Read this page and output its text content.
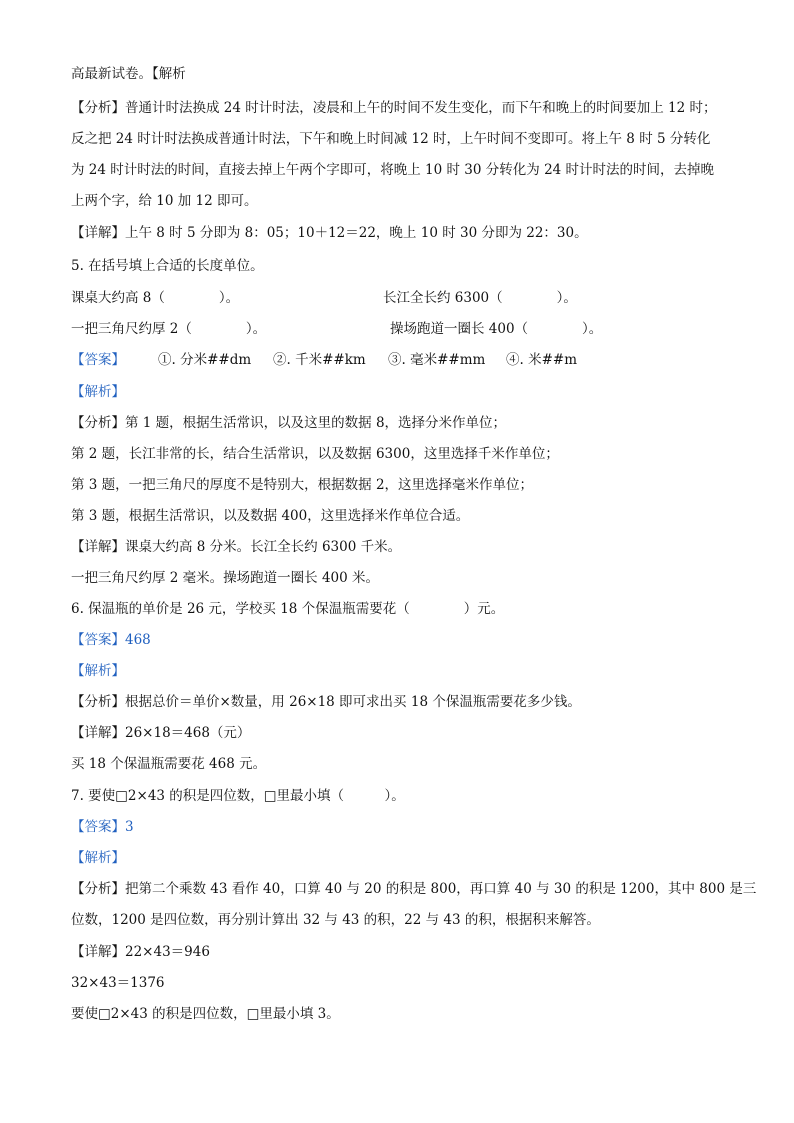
高最新试卷。【解析
【分析】普通计时法换成 24 时计时法，凌晨和上午的时间不发生变化，而下午和晚上的时间要加上 12 时；
反之把 24 时计时法换成普通计时法，下午和晚上时间减 12 时，上午时间不变即可。将上午 8 时 5 分转化
为 24 时计时法的时间，直接去掉上午两个字即可，将晚上 10 时 30 分转化为 24 时计时法的时间，去掉晚
上两个字，给 10 加 12 即可。
【详解】上午 8 时 5 分即为 8：05；10＋12＝22，晚上 10 时 30 分即为 22：30。
5. 在括号填上合适的长度单位。
课桌大约高 8（　　　　）。	长江全长约 6300（　　　　）。
一把三角尺约厚 2（　　　　）。	操场跑道一圈长 400（　　　　）。
【答案】 ①. 分米##dm ②. 千米##km ③. 毫米##mm ④. 米##m
【解析】
【分析】第 1 题，根据生活常识，以及这里的数据 8，选择分米作单位；
第 2 题，长江非常的长，结合生活常识，以及数据 6300，这里选择千米作单位；
第 3 题，一把三角尺的厚度不是特别大，根据数据 2，这里选择毫米作单位；
第 3 题，根据生活常识，以及数据 400，这里选择米作单位合适。
【详解】课桌大约高 8 分米。长江全长约 6300 千米。
一把三角尺约厚 2 毫米。操场跑道一圈长 400 米。
6. 保温瓶的单价是 26 元，学校买 18 个保温瓶需要花（　　　　）元。
【答案】468
【解析】
【分析】根据总价＝单价×数量，用 26×18 即可求出买 18 个保温瓶需要花多少钱。
【详解】26×18＝468（元）
买 18 个保温瓶需要花 468 元。
7. 要使□2×43 的积是四位数，□里最小填（　　　）。
【答案】3
【解析】
【分析】把第二个乘数 43 看作 40，口算 40 与 20 的积是 800，再口算 40 与 30 的积是 1200，其中 800 是三
位数，1200 是四位数，再分别计算出 32 与 43 的积，22 与 43 的积，根据积来解答。
【详解】22×43＝946
32×43＝1376
要使□2×43 的积是四位数，□里最小填 3。
